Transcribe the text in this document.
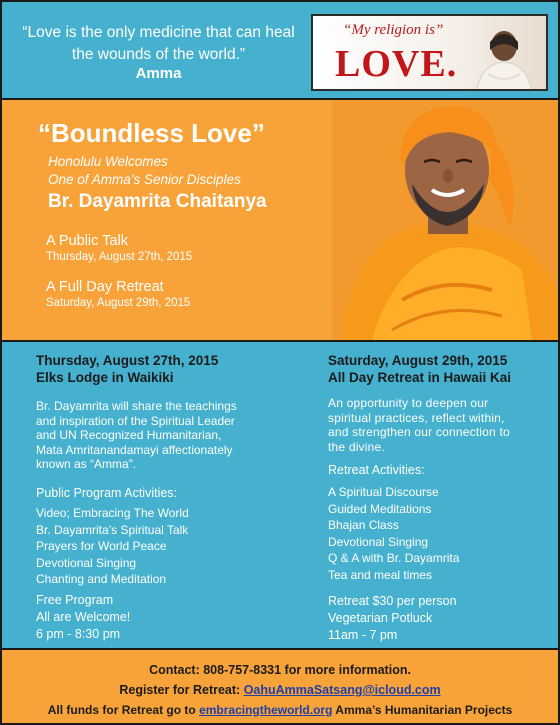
“Love is the only medicine that can heal the wounds of the world.”
Amma
“My religion is”
LOVE.
“Boundless Love”
Honolulu Welcomes
One of Amma’s Senior Disciples
Br. Dayamrita Chaitanya
A Public Talk
Thursday, August 27th, 2015
A Full Day Retreat
Saturday, August 29th, 2015
Thursday, August 27th, 2015
Elks Lodge in Waikiki
Br. Dayamrita will share the teachings
and inspiration of the Spiritual Leader
and UN Recognized Humanitarian,
Mata Amritanandamayi affectionately
known as “Amma”.
Public Program Activities:
Video; Embracing The World
Br. Dayamrita’s Spiritual Talk
Prayers for World Peace
Devotional Singing
Chanting and Meditation
Free Program
All are Welcome!
6 pm - 8:30 pm
Saturday, August 29th, 2015
All Day Retreat in Hawaii Kai
An opportunity to deepen our
spiritual practices, reflect within,
and strengthen our connection to
the divine.
Retreat Activities:
A Spiritual Discourse
Guided Meditations
Bhajan Class
Devotional Singing
Q & A with Br. Dayamrita
Tea and meal times
Retreat $30 per person
Vegetarian Potluck
11am - 7 pm
Contact: 808-757-8331 for more information.
Register for Retreat: OahuAmmaSatsang@icloud.com
All funds for Retreat go to embracingtheworld.org Amma’s Humanitarian Projects
